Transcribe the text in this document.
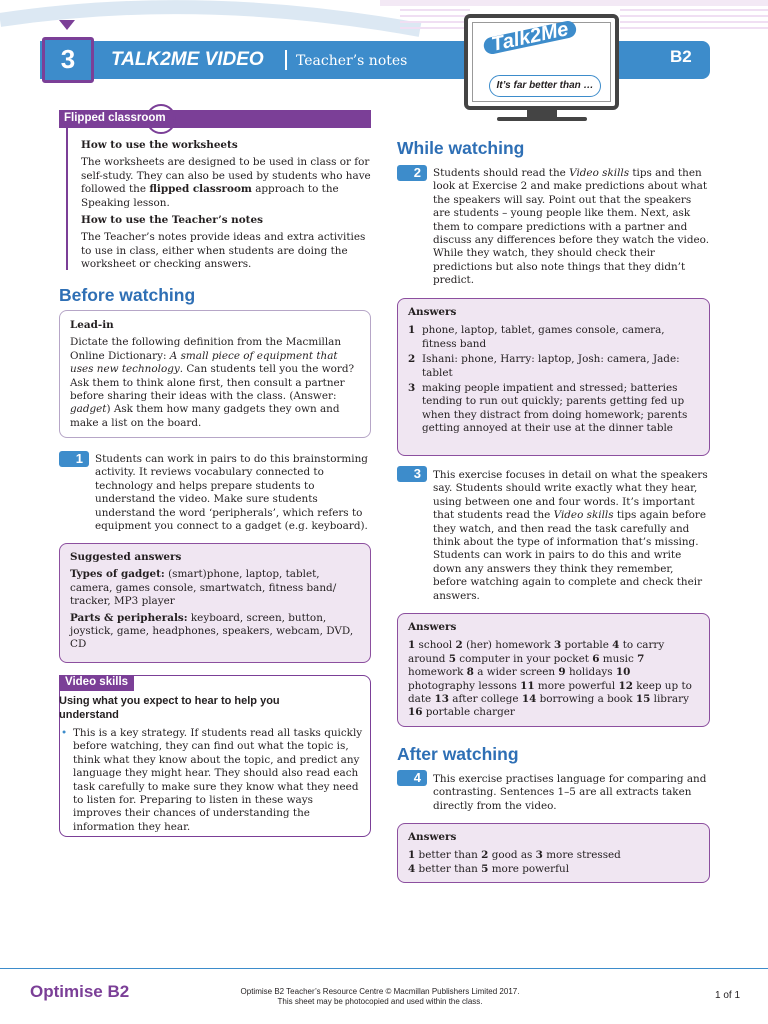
3	TALK2ME VIDEO Teacher’s notes	B2
Talk2Me
It’s far better than …
Flipped classroom
How to use the worksheets
The worksheets are designed to be used in class or for self-study. They can also be used by students who have followed the flipped classroom approach to the Speaking lesson.
How to use the Teacher’s notes
The Teacher’s notes provide ideas and extra activities to use in class, either when students are doing the worksheet or checking answers.
Before watching
Lead-in
Dictate the following definition from the Macmillan Online Dictionary: A small piece of equipment that uses new technology. Can students tell you the word? Ask them to think alone first, then consult a partner before sharing their ideas with the class. (Answer: gadget) Ask them how many gadgets they own and make a list on the board.
1	Students can work in pairs to do this brainstorming activity. It reviews vocabulary connected to technology and helps prepare students to understand the video. Make sure students understand the word ‘peripherals’, which refers to equipment you connect to a gadget (e.g. keyboard).
Suggested answers
Types of gadget: (smart)phone, laptop, tablet, camera, games console, smartwatch, fitness band/ tracker, MP3 player
Parts & peripherals: keyboard, screen, button, joystick, game, headphones, speakers, webcam, DVD, CD
Video skills
Using what you expect to hear to help you understand
• This is a key strategy. If students read all tasks quickly before watching, they can find out what the topic is, think what they know about the topic, and predict any language they might hear. They should also read each task carefully to make sure they know what they need to listen for. Preparing to listen in these ways improves their chances of understanding the information they hear.
While watching
2	Students should read the Video skills tips and then look at Exercise 2 and make predictions about what the speakers will say. Point out that the speakers are students – young people like them. Next, ask them to compare predictions with a partner and discuss any differences before they watch the video. While they watch, they should check their predictions but also note things that they didn’t predict.
Answers
1 phone, laptop, tablet, games console, camera, fitness band
2 Ishani: phone, Harry: laptop, Josh: camera, Jade: tablet
3 making people impatient and stressed; batteries tending to run out quickly; parents getting fed up when they distract from doing homework; parents getting annoyed at their use at the dinner table
3	This exercise focuses in detail on what the speakers say. Students should write exactly what they hear, using between one and four words. It’s important that students read the Video skills tips again before they watch, and then read the task carefully and think about the type of information that’s missing. Students can work in pairs to do this and write down any answers they think they remember, before watching again to complete and check their answers.
Answers
1 school 2 (her) homework 3 portable 4 to carry around 5 computer in your pocket 6 music 7 homework 8 a wider screen 9 holidays 10 photography lessons 11 more powerful 12 keep up to date 13 after college 14 borrowing a book 15 library 16 portable charger
After watching
4	This exercise practises language for comparing and contrasting. Sentences 1–5 are all extracts taken directly from the video.
Answers
1 better than 2 good as 3 more stressed
4 better than 5 more powerful
Optimise B2	Optimise B2 Teacher’s Resource Centre © Macmillan Publishers Limited 2017.
This sheet may be photocopied and used within the class.
1 of 1
